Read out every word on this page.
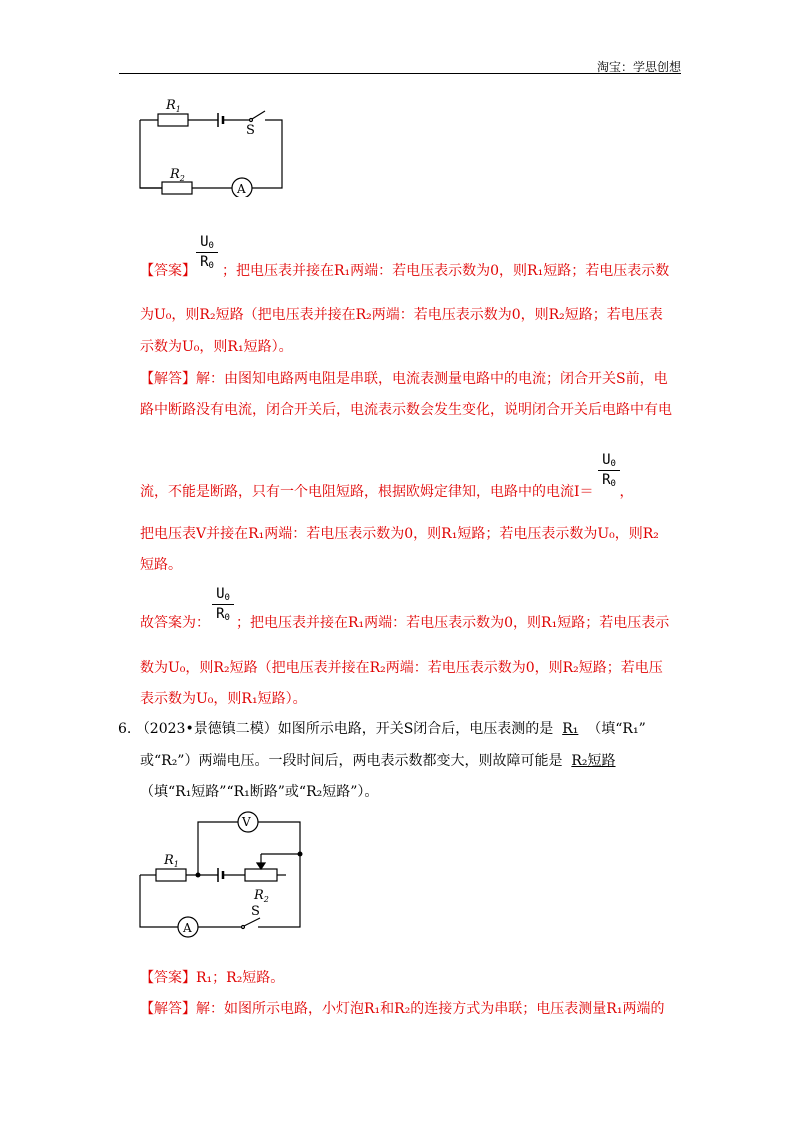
淘宝：学思创想
$R_1$
$R_2$
S
A
$U_0$
$R_0$
【答案】 ；把电压表并接在R₁两端：若电压表示数为0，则R₁短路；若电压表示数
为U₀，则R₂短路（把电压表并接在R₂两端：若电压表示数为0，则R₂短路；若电压表
示数为U₀，则R₁短路）。
【解答】解：由图知电路两电阻是串联，电流表测量电路中的电流；闭合开关S前，电
路中断路没有电流，闭合开关后，电流表示数会发生变化，说明闭合开关后电路中有电
$U_0$
$R_0$
流，不能是断路，只有一个电阻短路，根据欧姆定律知，电路中的电流I＝ ，
把电压表V并接在R₁两端：若电压表示数为0，则R₁短路；若电压表示数为U₀，则R₂
短路。
$U_0$
$R_0$
故答案为： ；把电压表并接在R₁两端：若电压表示数为0，则R₁短路；若电压表示
数为U₀，则R₂短路（把电压表并接在R₂两端：若电压表示数为0，则R₂短路；若电压
表示数为U₀，则R₁短路）。
6. （2023•景德镇二模）如图所示电路，开关S闭合后，电压表测的是 R₁ （填“R₁”
或“R₂”）两端电压。一段时间后，两电表示数都变大，则故障可能是 R₂短路
（填“R₁短路”“R₁断路”或“R₂短路”）。
$R_1$
$R_2$
V
A
S
【答案】R₁；R₂短路。
【解答】解：如图所示电路，小灯泡R₁和R₂的连接方式为串联；电压表测量R₁两端的
